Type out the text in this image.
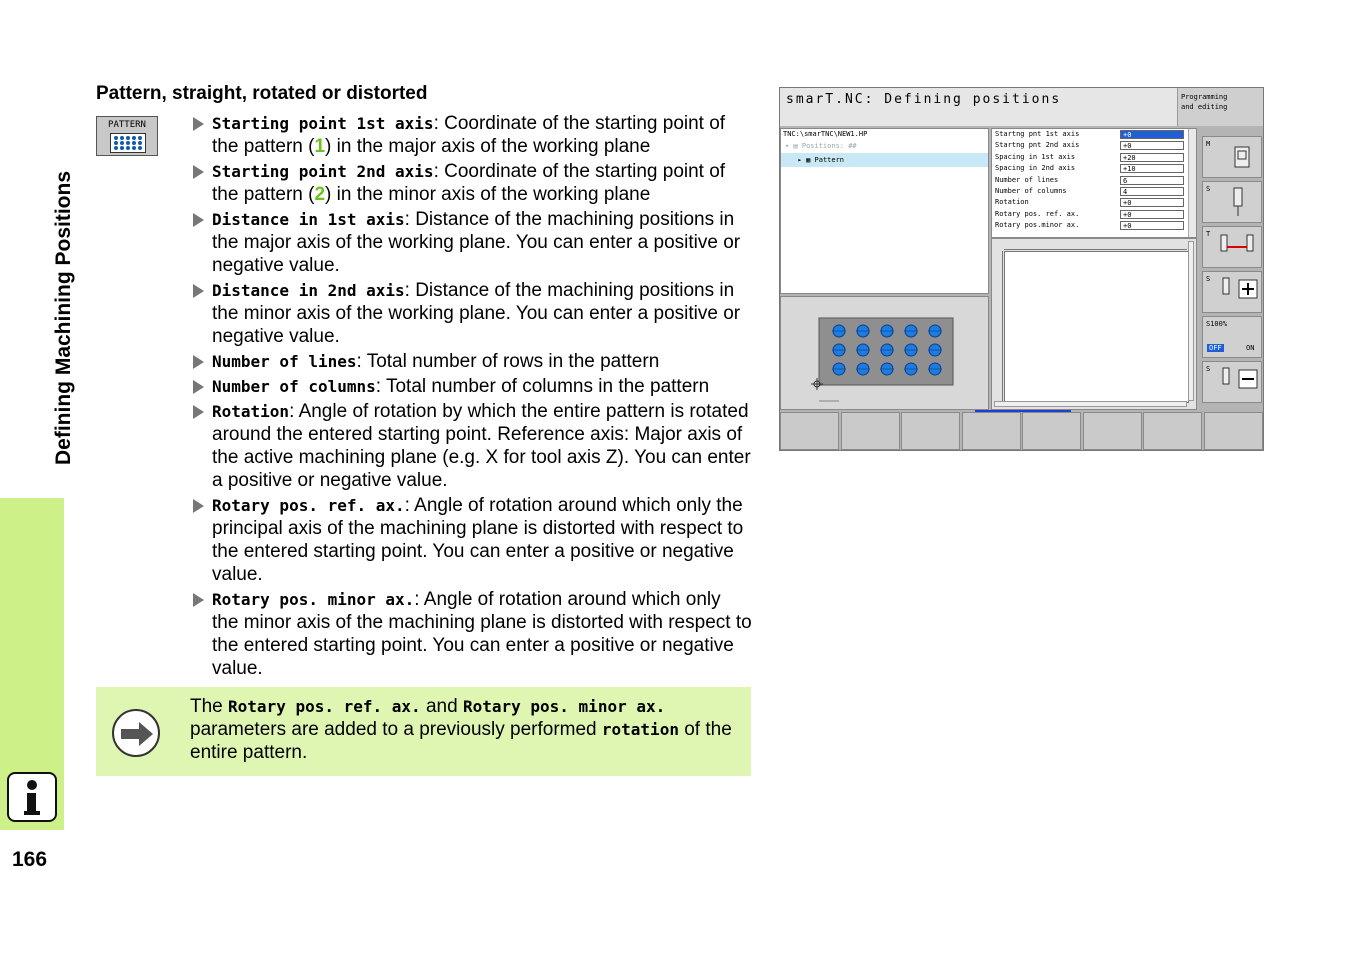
Defining Machining Positions
166
Pattern, straight, rotated or distorted
PATTERN	Starting point 1st axis: Coordinate of the starting point of the pattern (1) in the major axis of the working plane
Starting point 2nd axis: Coordinate of the starting point of the pattern (2) in the minor axis of the working plane
Distance in 1st axis: Distance of the machining positions in the major axis of the working plane. You can enter a positive or negative value.
Distance in 2nd axis: Distance of the machining positions in the minor axis of the working plane. You can enter a positive or negative value.
Number of lines: Total number of rows in the pattern
Number of columns: Total number of columns in the pattern
Rotation: Angle of rotation by which the entire pattern is rotated around the entered starting point. Reference axis: Major axis of the active machining plane (e.g. X for tool axis Z). You can enter a positive or negative value.
Rotary pos. ref. ax.: Angle of rotation around which only the principal axis of the machining plane is distorted with respect to the entered starting point. You can enter a positive or negative value.
Rotary pos. minor ax.: Angle of rotation around which only the minor axis of the machining plane is distorted with respect to the entered starting point. You can enter a positive or negative value.
The Rotary pos. ref. ax. and Rotary pos. minor ax. parameters are added to a previously performed rotation of the entire pattern.
smarT.NC: Defining positions	Programming
and editing
TNC:\smarTNC\NEW1.HP
▾ ▤ Positions: ##
▸ ▦ Pattern
Startng pnt 1st axis	+0
Startng pnt 2nd axis	+0
Spacing in 1st axis	+20
Spacing in 2nd axis	+10
Number of lines	6
Number of columns	4
Rotation	+0
Rotary pos. ref. ax.	+0
Rotary pos.minor ax.	+0
M
S
T
S
S100%
OFF	ON
S
